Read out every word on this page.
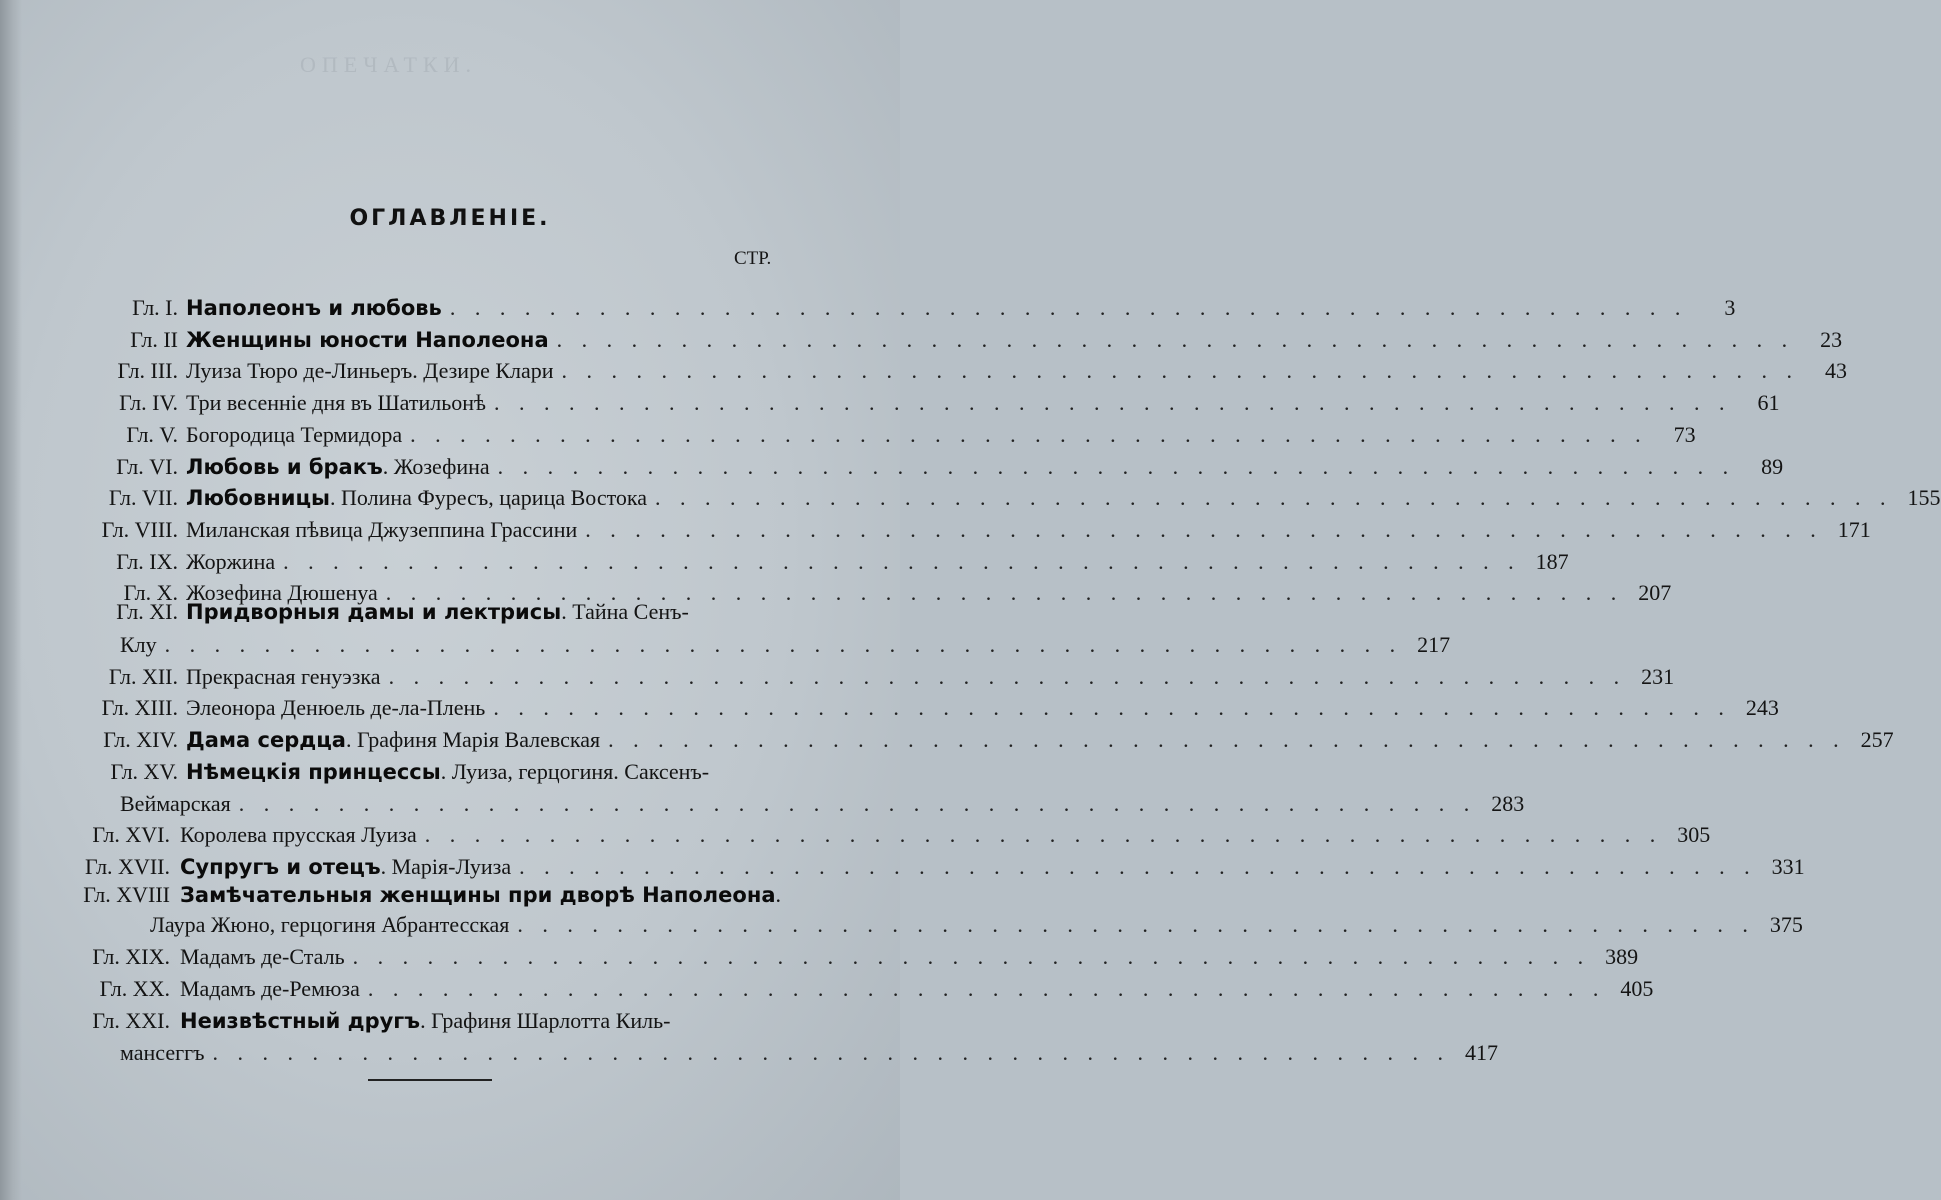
ОПЕЧАТКИ.
ОГЛАВЛЕНІЕ.
СТР.
Гл. I. Наполеонъ и любовь . . . . . . . . . . . . . . . . . . . . . . . . . . . . . . . . . . . . . . . . . . . . . . . . . .	3
Гл. II Женщины юности Наполеона . . . . . . . . . . . . . . . . . . . . . . . . . . . . . . . . . . . . . . . . . . . . . . . . . .	23
Гл. III. Луиза Тюро де-Линьеръ. Дезире Клари . . . . . . . . . . . . . . . . . . . . . . . . . . . . . . . . . . . . . . . . . . . . . . . . . .	43
Гл. IV. Три весенніе дня въ Шатильонѣ . . . . . . . . . . . . . . . . . . . . . . . . . . . . . . . . . . . . . . . . . . . . . . . . . .	61
Гл. V. Богородица Термидора . . . . . . . . . . . . . . . . . . . . . . . . . . . . . . . . . . . . . . . . . . . . . . . . . .	73
Гл. VI. Любовь и бракъ. Жозефина . . . . . . . . . . . . . . . . . . . . . . . . . . . . . . . . . . . . . . . . . . . . . . . . . .	89
Гл. VII. Любовницы. Полина Фуресъ, царица Востока . . . . . . . . . . . . . . . . . . . . . . . . . . . . . . . . . . . . . . . . . . . . . . . . . . 155
Гл. VIII. Миланская пѣвица Джузеппина Грассини . . . . . . . . . . . . . . . . . . . . . . . . . . . . . . . . . . . . . . . . . . . . . . . . . . 171
Гл. IX. Жоржина . . . . . . . . . . . . . . . . . . . . . . . . . . . . . . . . . . . . . . . . . . . . . . . . . . 187
Гл. X. Жозефина Дюшенуа . . . . . . . . . . . . . . . . . . . . . . . . . . . . . . . . . . . . . . . . . . . . . . . . . . 207
Гл. XI. Придворныя дамы и лектрисы. Тайна Сенъ-
Клу . . . . . . . . . . . . . . . . . . . . . . . . . . . . . . . . . . . . . . . . . . . . . . . . . . 217
Гл. XII. Прекрасная генуэзка . . . . . . . . . . . . . . . . . . . . . . . . . . . . . . . . . . . . . . . . . . . . . . . . . . 231
Гл. XIII. Элеонора Денюель де-ла-Плень . . . . . . . . . . . . . . . . . . . . . . . . . . . . . . . . . . . . . . . . . . . . . . . . . . 243
Гл. XIV. Дама сердца. Графиня Марія Валевская . . . . . . . . . . . . . . . . . . . . . . . . . . . . . . . . . . . . . . . . . . . . . . . . . . 257
Гл. XV. Нѣмецкія принцессы. Луиза, герцогиня. Саксенъ-
Веймарская . . . . . . . . . . . . . . . . . . . . . . . . . . . . . . . . . . . . . . . . . . . . . . . . . . 283
Гл. XVI. Королева прусская Луиза . . . . . . . . . . . . . . . . . . . . . . . . . . . . . . . . . . . . . . . . . . . . . . . . . . 305
Гл. XVII. Супругъ и отецъ. Марія-Луиза . . . . . . . . . . . . . . . . . . . . . . . . . . . . . . . . . . . . . . . . . . . . . . . . . . 331
Гл. XVIII Замѣчательныя женщины при дворѣ Наполеона.
Лаура Жюно, герцогиня Абрантесская . . . . . . . . . . . . . . . . . . . . . . . . . . . . . . . . . . . . . . . . . . . . . . . . . . 375
Гл. XIX. Мадамъ де-Сталь . . . . . . . . . . . . . . . . . . . . . . . . . . . . . . . . . . . . . . . . . . . . . . . . . . 389
Гл. XX. Мадамъ де-Ремюза . . . . . . . . . . . . . . . . . . . . . . . . . . . . . . . . . . . . . . . . . . . . . . . . . . 405
Гл. XXI. Неизвѣстный другъ. Графиня Шарлотта Киль-
мансеггъ . . . . . . . . . . . . . . . . . . . . . . . . . . . . . . . . . . . . . . . . . . . . . . . . . . 417
